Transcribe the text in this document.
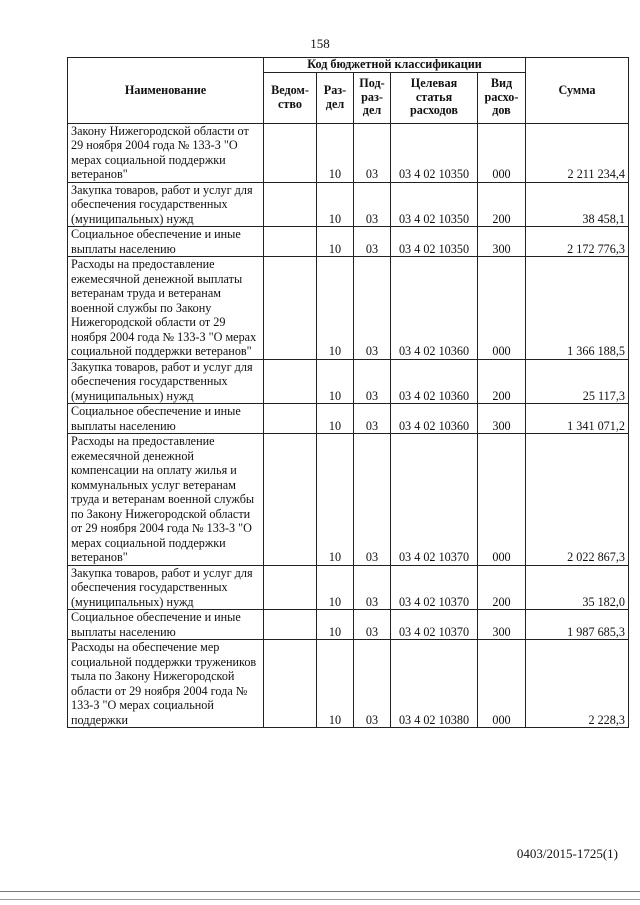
158
Наименование	Код бюджетной классификации					Сумма
	Ведом-ство	Раз-дел	Под-раз-дел	Целевая статья расходов	Вид расхо-дов	
Закону Нижегородской области от 29 ноября 2004 года № 133-З "О мерах социальной поддержки ветеранов"		10	03	03 4 02 10350	000	2 211 234,4
Закупка товаров, работ и услуг для обеспечения государственных (муниципальных) нужд		10	03	03 4 02 10350	200	38 458,1
Социальное обеспечение и иные выплаты населению		10	03	03 4 02 10350	300	2 172 776,3
Расходы на предоставление ежемесячной денежной выплаты ветеранам труда и ветеранам военной службы по Закону Нижегородской области от 29 ноября 2004 года № 133-З "О мерах социальной поддержки ветеранов"		10	03	03 4 02 10360	000	1 366 188,5
Закупка товаров, работ и услуг для обеспечения государственных (муниципальных) нужд		10	03	03 4 02 10360	200	25 117,3
Социальное обеспечение и иные выплаты населению		10	03	03 4 02 10360	300	1 341 071,2
Расходы на предоставление ежемесячной денежной компенсации на оплату жилья и коммунальных услуг ветеранам труда и ветеранам военной службы по Закону Нижегородской области от 29 ноября 2004 года № 133-З "О мерах социальной поддержки ветеранов"		10	03	03 4 02 10370	000	2 022 867,3
Закупка товаров, работ и услуг для обеспечения государственных (муниципальных) нужд		10	03	03 4 02 10370	200	35 182,0
Социальное обеспечение и иные выплаты населению		10	03	03 4 02 10370	300	1 987 685,3
Расходы на обеспечение мер социальной поддержки тружеников тыла по Закону Нижегородской области от 29 ноября 2004 года № 133-З "О мерах социальной поддержки		10	03	03 4 02 10380	000	2 228,3
0403/2015-1725(1)
